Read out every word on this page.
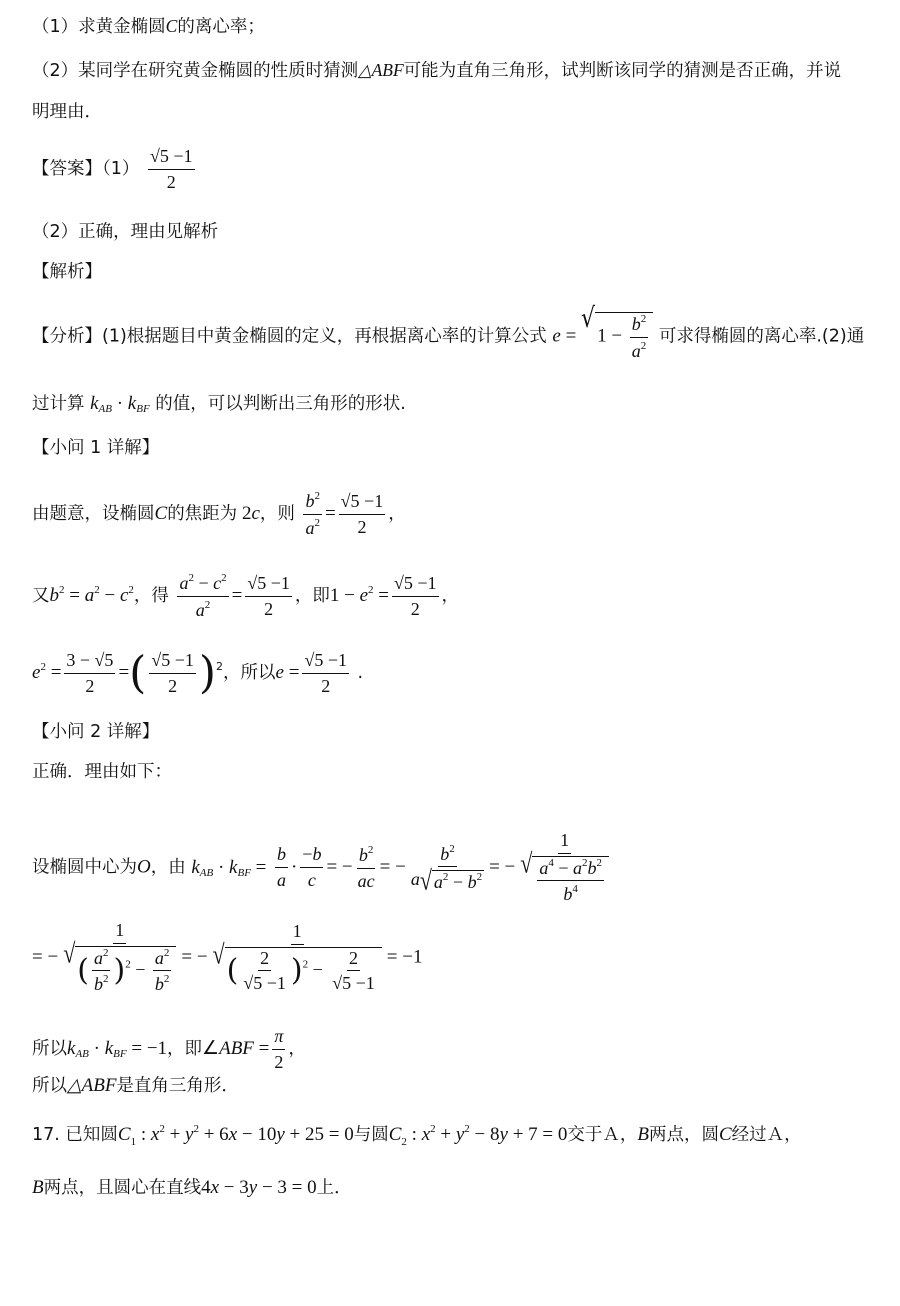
（1）求黄金椭圆C的离心率；
（2）某同学在研究黄金椭圆的性质时猜测△ABF可能为直角三角形，试判断该同学的猜测是否正确，并说
明理由．
【答案】$(1) \frac{√5 -1}{2}$
（2）正确，理由见解析
【解析】
【分析】(1)根据题目中黄金椭圆的定义，再根据离心率的计算公式 e =
√
$1 - \frac{b^2}{a^2}$ 可求得椭圆的离心率.(2)通
过计算 $k_{AB} \cdot k_{BF}$ 的值，可以判断出三角形的形状.
【小问 1 详解】
由题意，设椭圆C的焦距为 2c，则 $\frac{b^2}{a^2} = \frac{√5 -1}{2}$ ，
又$b^2 = a^2 - c^2$，得 $\frac{a^2 - c^2}{a^2} = \frac{√5 -1}{2}$ ，即$1 - e^2 = \frac{√5 -1}{2}$ ，
$e^2 = \frac{3 - √5}{2}$ =( $\frac{√5 -1}{2} )^2$，所以$e = \frac{√5 -1}{2}$ .
【小问 2 详解】
正确．理由如下：
设椭圆中心为O，由 $k_{AB} \cdot k_{BF} = \frac{b}{a} \cdot \frac{-b}{c}$ = − $\frac{b^2}{ac}$ = − $\frac{b^2}{a √ a^2 - b^2}$ = − $\frac{1}{√ \frac{a^4 - a^2b^2}{b^4}}$
= − 1
√
( $\frac{a^2}{b^2} )^2 - \frac{a^2}{b^2}$ = − $\frac{1}{√ ( \frac{2}{√5 -1} )^2 - \frac{2}{√5 -1}} = -1$
所以$k_{AB} \cdot k_{BF} = -1$，即∠ABF = $\frac{\pi}{2}$ ，
所以△ABF是直角三角形．
17. 已知圆$C_1$ : $x^2 + y^2 + 6x - 10y + 25 = 0$与圆$C_2$ : $x^2 + y^2 - 8y + 7 = 0$交于Ａ，B两点，圆C经过Ａ，
B两点，且圆心在直线4x − 3y − 3 = 0上．
